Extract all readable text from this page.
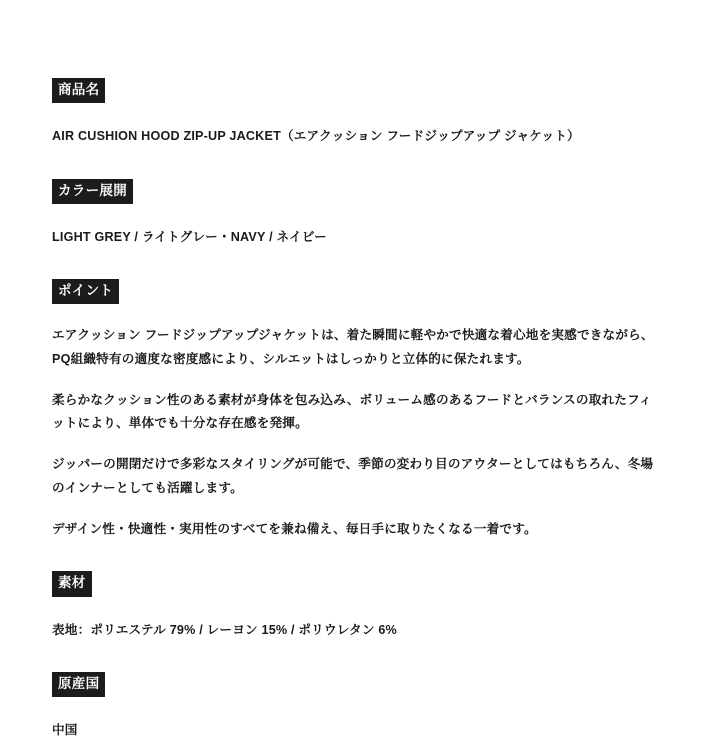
商品名

AIR CUSHION HOOD ZIP-UP JACKET（エアクッション フードジップアップ ジャケット）

カラー展開

LIGHT GREY / ライトグレー・NAVY / ネイビー

ポイント

エアクッション フードジップアップジャケットは、着た瞬間に軽やかで快適な着心地を実感できながら、PQ組織特有の適度な密度感により、シルエットはしっかりと立体的に保たれます。

柔らかなクッション性のある素材が身体を包み込み、ボリューム感のあるフードとバランスの取れたフィットにより、単体でも十分な存在感を発揮。

ジッパーの開閉だけで多彩なスタイリングが可能で、季節の変わり目のアウターとしてはもちろん、冬場のインナーとしても活躍します。

デザイン性・快適性・実用性のすべてを兼ね備え、毎日手に取りたくなる一着です。

素材

表地：ポリエステル 79% / レーヨン 15% / ポリウレタン 6%

原産国

中国
